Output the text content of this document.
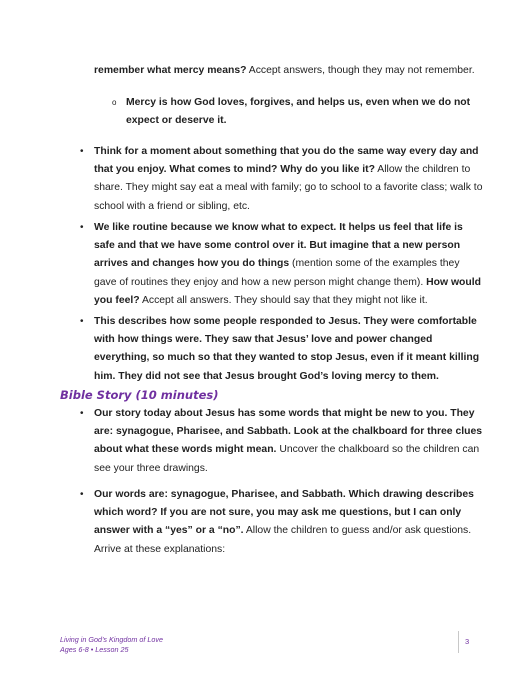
remember what mercy means? Accept answers, though they may not remember.

o Mercy is how God loves, forgives, and helps us, even when we do not expect or deserve it.

• Think for a moment about something that you do the same way every day and that you enjoy. What comes to mind? Why do you like it? Allow the children to share. They might say eat a meal with family; go to school to a favorite class; walk to school with a friend or sibling, etc.

• We like routine because we know what to expect. It helps us feel that life is safe and that we have some control over it. But imagine that a new person arrives and changes how you do things (mention some of the examples they gave of routines they enjoy and how a new person might change them). How would you feel? Accept all answers. They should say that they might not like it.

• This describes how some people responded to Jesus. They were comfortable with how things were. They saw that Jesus’ love and power changed everything, so much so that they wanted to stop Jesus, even if it meant killing him. They did not see that Jesus brought God’s loving mercy to them.

Bible Story (10 minutes)
• Our story today about Jesus has some words that might be new to you. They are: synagogue, Pharisee, and Sabbath. Look at the chalkboard for three clues about what these words might mean. Uncover the chalkboard so the children can see your three drawings.

• Our words are: synagogue, Pharisee, and Sabbath. Which drawing describes which word? If you are not sure, you may ask me questions, but I can only answer with a “yes” or a “no”. Allow the children to guess and/or ask questions. Arrive at these explanations:

Living in God’s Kingdom of Love
Ages 6-8 • Lesson 25
3
